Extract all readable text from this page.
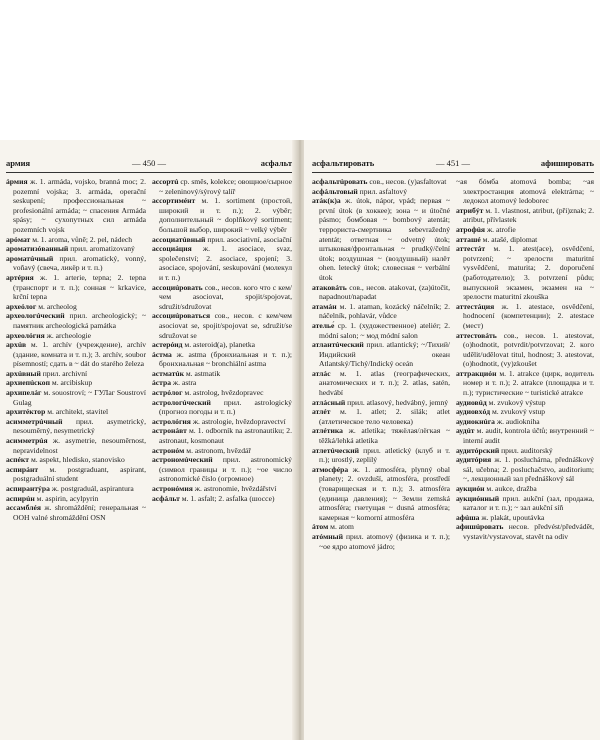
армия	— 450 —	асфальт

áрмия ж. 1. armáda, vojsko, branná moc; 2. pozemní vojska; 3. armáda, operační seskupení; профессиональная ~ profesionální armáda; ~ спасения Armáda spásy; ~ сухопутных сил armáda pozemních vojsk

арóмат м. 1. aroma, vůně; 2. pel, nádech

ароматизóванный прил. aromatizovaný

ароматúчный прил. aromatický, vonný, voňavý (свеча, ликёр и т. п.)

артéрия ж. 1. arterie, tepna; 2. tepna (транспорт и т. п.); сонная ~ krkavice, krční tepna

археóлог м. archeolog

археологúческий прил. archeologický; ~ памятник archeologická památka

археолóгия ж. archeologie

архúв м. 1. archív (учреждение), archív (здание, комната и т. п.); 3. archív, soubor písemností; сдать в ~ dát do starého železa

архúвный прил. archivní

архиепúскоп м. arcibiskup

архипелáг м. souostroví; ~ ГУЛаг Soustroví Gulag

архитéктор м. architekt, stavitel

асимметрúчный прил. asymetrický, nesouměrný, nesymetrický

асимметрúя ж. asymetrie, nesouměrnost, nepravidelnost

аспéкт м. aspekt, hledisko, stanovisko

аспирáнт м. postgraduant, aspirant, postgraduální student

аспирантýра ж. postgraduál, aspirantura

аспирúн м. aspirin, acylpyrin

ассамблéя ж. shromáždění; генеральная ~ ООН valné shromáždění OSN

ассортú ср. směs, kolekce; овощное/сырное ~ zeleninový/sýrový talíř

ассортимéнт м. 1. sortiment (простой, широкий и т. п.); 2. výběr; дополнительный ~ doplňkový sortiment; большой выбор, широкий ~ velký výběr

ассоциатúвный прил. asociativní, asociační

ассоциáция ж. 1. asociace, svaz, společenství; 2. asociace, spojení; 3. asociace, spojování, seskupování (молекул и т. п.)

ассоциúровать сов., несов. кого что с кем/чем asociovat, spojit/spojovat, sdružit/sdružovat

ассоциúроваться сов., несов. с кем/чем asociovat se, spojit/spojovat se, sdružit/se sdružovat se

астерóид м. asteroid(a), planetka

áстма ж. astma (бронхиальная и т. п.); бронхиальная ~ bronchiální astma

астматúк м. astmatik

áстра ж. astra

астрóлог м. astrolog, hvězdopravec

астрологúческий прил. astrologický (прогноз погоды и т. п.)

астролóгия ж. astrologie, hvězdopravectví

астронáвт м. 1. odborník na astronautiku; 2. astronaut, kosmonaut

астронóм м. astronom, hvězdář

астрономúческий прил. astronomický (символ границы и т. п.); ~ое число astronomické číslo (огромное)

астронóмия ж. astronomie, hvězdářství

асфáльт м. 1. asfalt; 2. asfalka (шоссе)

асфальтировать	— 451 —	афишировать

асфальтúровать сов., несов. (у)asfaltovat

асфáльтовый прил. asfaltový

атáк(к)а ж. útok, nápor, vpád; первая ~ první útok (в хоккее); зона ~ и útočné pásmo; бомбовая ~ bombový atentát; террориста-смертника sebevražedný atentát; ответная ~ odvetný útok; штыковая/фронтальная ~ prudký/čelní útok; воздушная ~ (воздушный) налёт ohen. letecký útok; словесная ~ verbální útok

атаковáть сов., несов. atakovat, (za)útočit, napadnout/napadat

атамáн м. 1. ataman, kozácký náčelník; 2. náčelník, pohlavár, vůdce

ателье́ ср. 1. (художественное) ateliér; 2. módní salon; ~ мод módní salon

атлантúческий прил. atlantický; ~/Тихий/Индийский океан Atlantský/Tichý/Indický oceán

атлáс м. 1. atlas (географических, анатомических и т. п.); 2. atlas, satén, hedvábí

атлáсный прил. atlasový, hedvábný, jemný

атлéт м. 1. atlet; 2. silák; atlet (атлетическое тело человека)

атлéтика ж. atletika; тяжёлая/лёгкая ~ těžká/lehká atletika

атлетúческий прил. atletický (клуб и т. п.); urostlý, zeplilý

атмосфéра ж. 1. atmosféra, plynný obal planety; 2. ovzduší, atmosféra, prostředí (товарищеская и т. п.); 3. atmosféra (единица давления); ~ Земли zemská atmosféra; гнетущая ~ dusná atmosféra; камерная ~ komorní atmosféra

áтом м. atom

атóмный прил. atomový (физика и т. п.); ~ое ядро atomové jádro;

~ая бóмба atomová bomba; ~ая электростанция atomová elektrárna; ~ ледокол atomový ledoborec

атрибýт м. 1. vlastnost, atribut, (při)znak; 2. atribut, přívlastek

атрофúя ж. atrofie

атташé м. atašé, diplomat

аттестáт м. 1. atest(ace), osvědčení, potvrzení; ~ зрелости maturitní vysvědčení, maturita; 2. doporučení (работодателю); 3. potvrzení půdu; выпускной экзамен, экзамен на ~ зрелости maturitní zkouška

аттестáция ж. 1. atestace, osvědčení, hodnocení (компетенции); 2. atestace (мест)

аттестовáть сов., несов. 1. atestovat, (o)hodnotit, potvrdit/potvrzovat; 2. кого udělit/udělovat titul, hodnost; 3. atestovat, (o)hodnotit, (vy)zkoušet

аттракциóн м. 1. atrakce (цирк, водитель номер и т. п.); 2. atrakce (площадка и т. п.); туристические ~ turistické atrakce

аудиовúд м. zvukový výstup

аудиовхóд м. zvukový vstup

аудиокнúга ж. audiokniha

аудúт м. audit, kontrola účtů; внутренний ~ interní audit

аудитóрский прил. auditorský

аудитóрия ж. 1. posluchárna, přednáškový sál, učebna; 2. posluchačstvo, auditorium; ~, лекционный зал přednáškový sál

аукциóн м. aukce, dražba

аукциóнный прил. aukční (зал, продажа, каталог и т. п.); ~ зал aukční síň

афúша ж. plakát, upoutávka

афишúровать несов. předvést/předvádět, vystavit/vystavovat, stavět na odiv
